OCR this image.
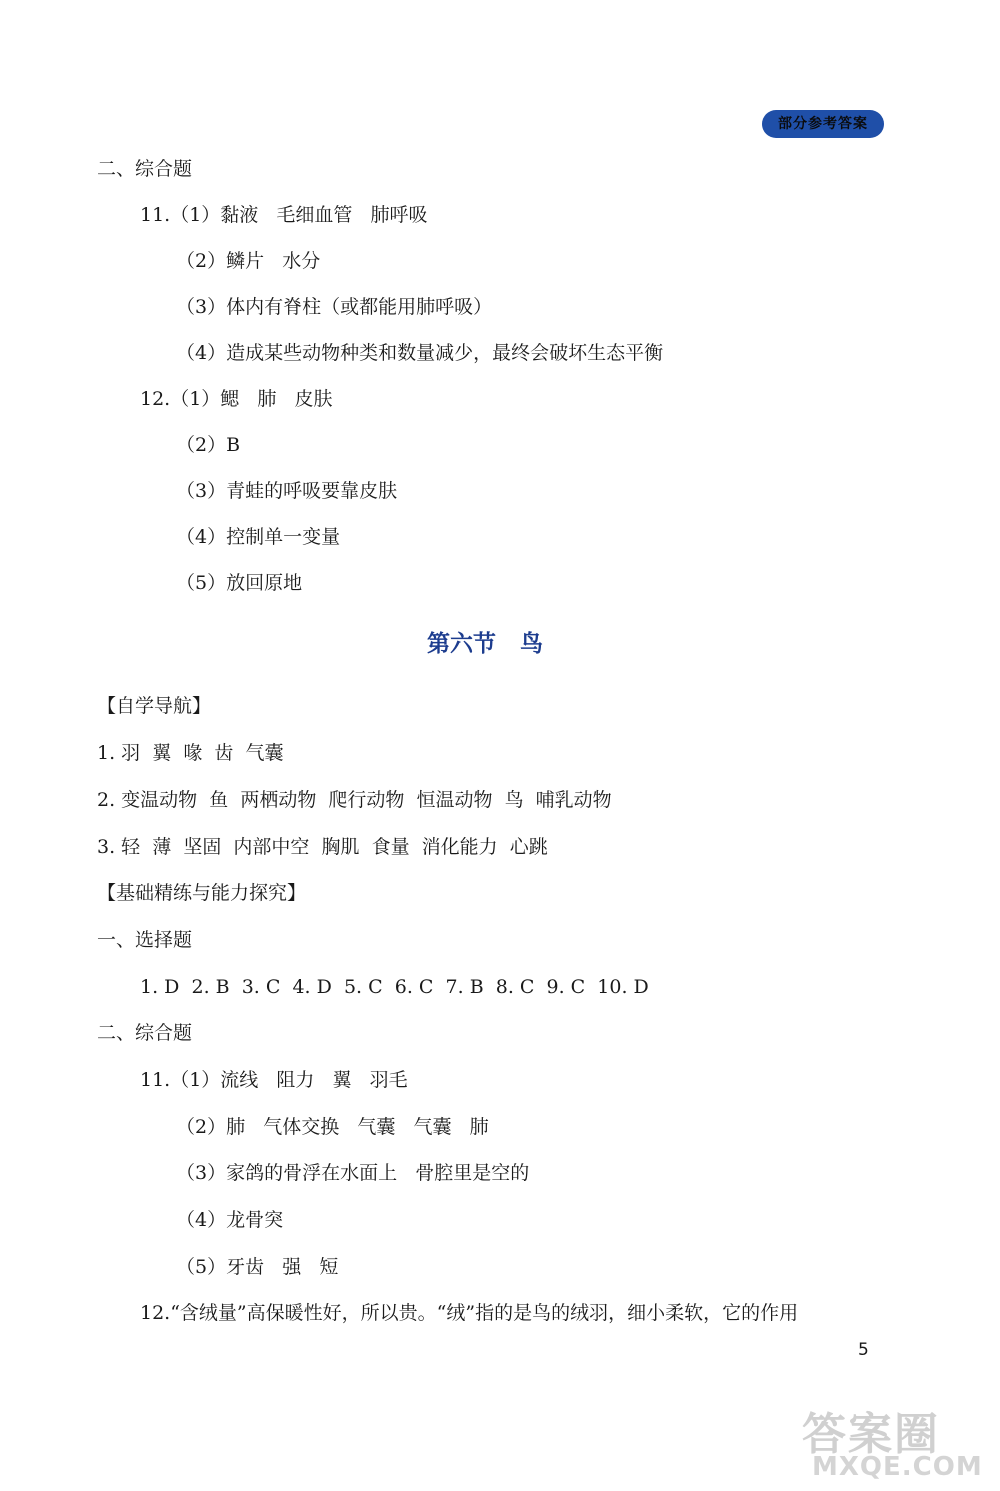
部分参考答案
二、综合题
11.（1）黏液   毛细血管   肺呼吸
（2）鳞片   水分
（3）体内有脊柱（或都能用肺呼吸）
（4）造成某些动物种类和数量减少，最终会破坏生态平衡
12.（1）鳃   肺   皮肤
（2）B
（3）青蛙的呼吸要靠皮肤
（4）控制单一变量
（5）放回原地
第六节   鸟
【自学导航】
1. 羽  翼  喙  齿  气囊
2. 变温动物  鱼  两栖动物  爬行动物  恒温动物  鸟  哺乳动物
3. 轻  薄  坚固  内部中空  胸肌  食量  消化能力  心跳
【基础精练与能力探究】
一、选择题
1. D  2. B  3. C  4. D  5. C  6. C  7. B  8. C  9. C  10. D
二、综合题
11.（1）流线   阻力   翼   羽毛
（2）肺   气体交换   气囊   气囊   肺
（3）家鸽的骨浮在水面上   骨腔里是空的
（4）龙骨突
（5）牙齿   强   短
12.“含绒量”高保暖性好，所以贵。“绒”指的是鸟的绒羽，细小柔软，它的作用
5
答案圈
MXQE.COM
